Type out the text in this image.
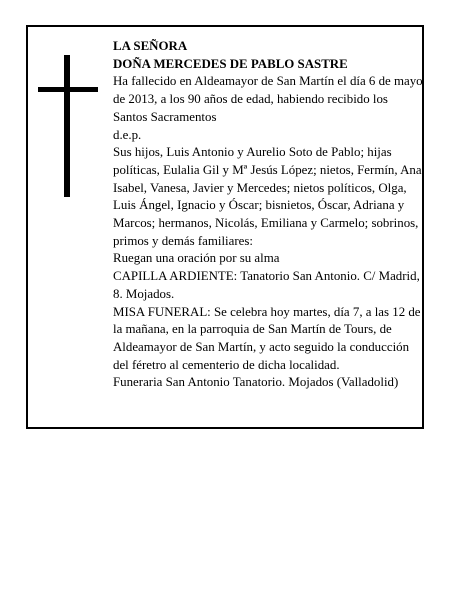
LA SEÑORA

DOÑA MERCEDES DE PABLO SASTRE

Ha fallecido en Aldeamayor de San Martín el día 6 de mayo de 2013, a los 90 años de edad, habiendo recibido los Santos Sacramentos

d.e.p.

Sus hijos, Luis Antonio y Aurelio Soto de Pablo; hijas políticas, Eulalia Gil y Mª Jesús López; nietos, Fermín, Ana Isabel, Vanesa, Javier y Mercedes; nietos políticos, Olga, Luis Ángel, Ignacio y Óscar; bisnietos, Óscar, Adriana y Marcos; hermanos, Nicolás, Emiliana y Carmelo; sobrinos, primos y demás familiares:

Ruegan una oración por su alma

CAPILLA ARDIENTE: Tanatorio San Antonio. C/ Madrid, 8. Mojados.

MISA FUNERAL: Se celebra hoy martes, día 7, a las 12 de la mañana, en la parroquia de San Martín de Tours, de Aldeamayor de San Martín, y acto seguido la conducción del féretro al cementerio de dicha localidad.

Funeraria San Antonio Tanatorio. Mojados (Valladolid)
